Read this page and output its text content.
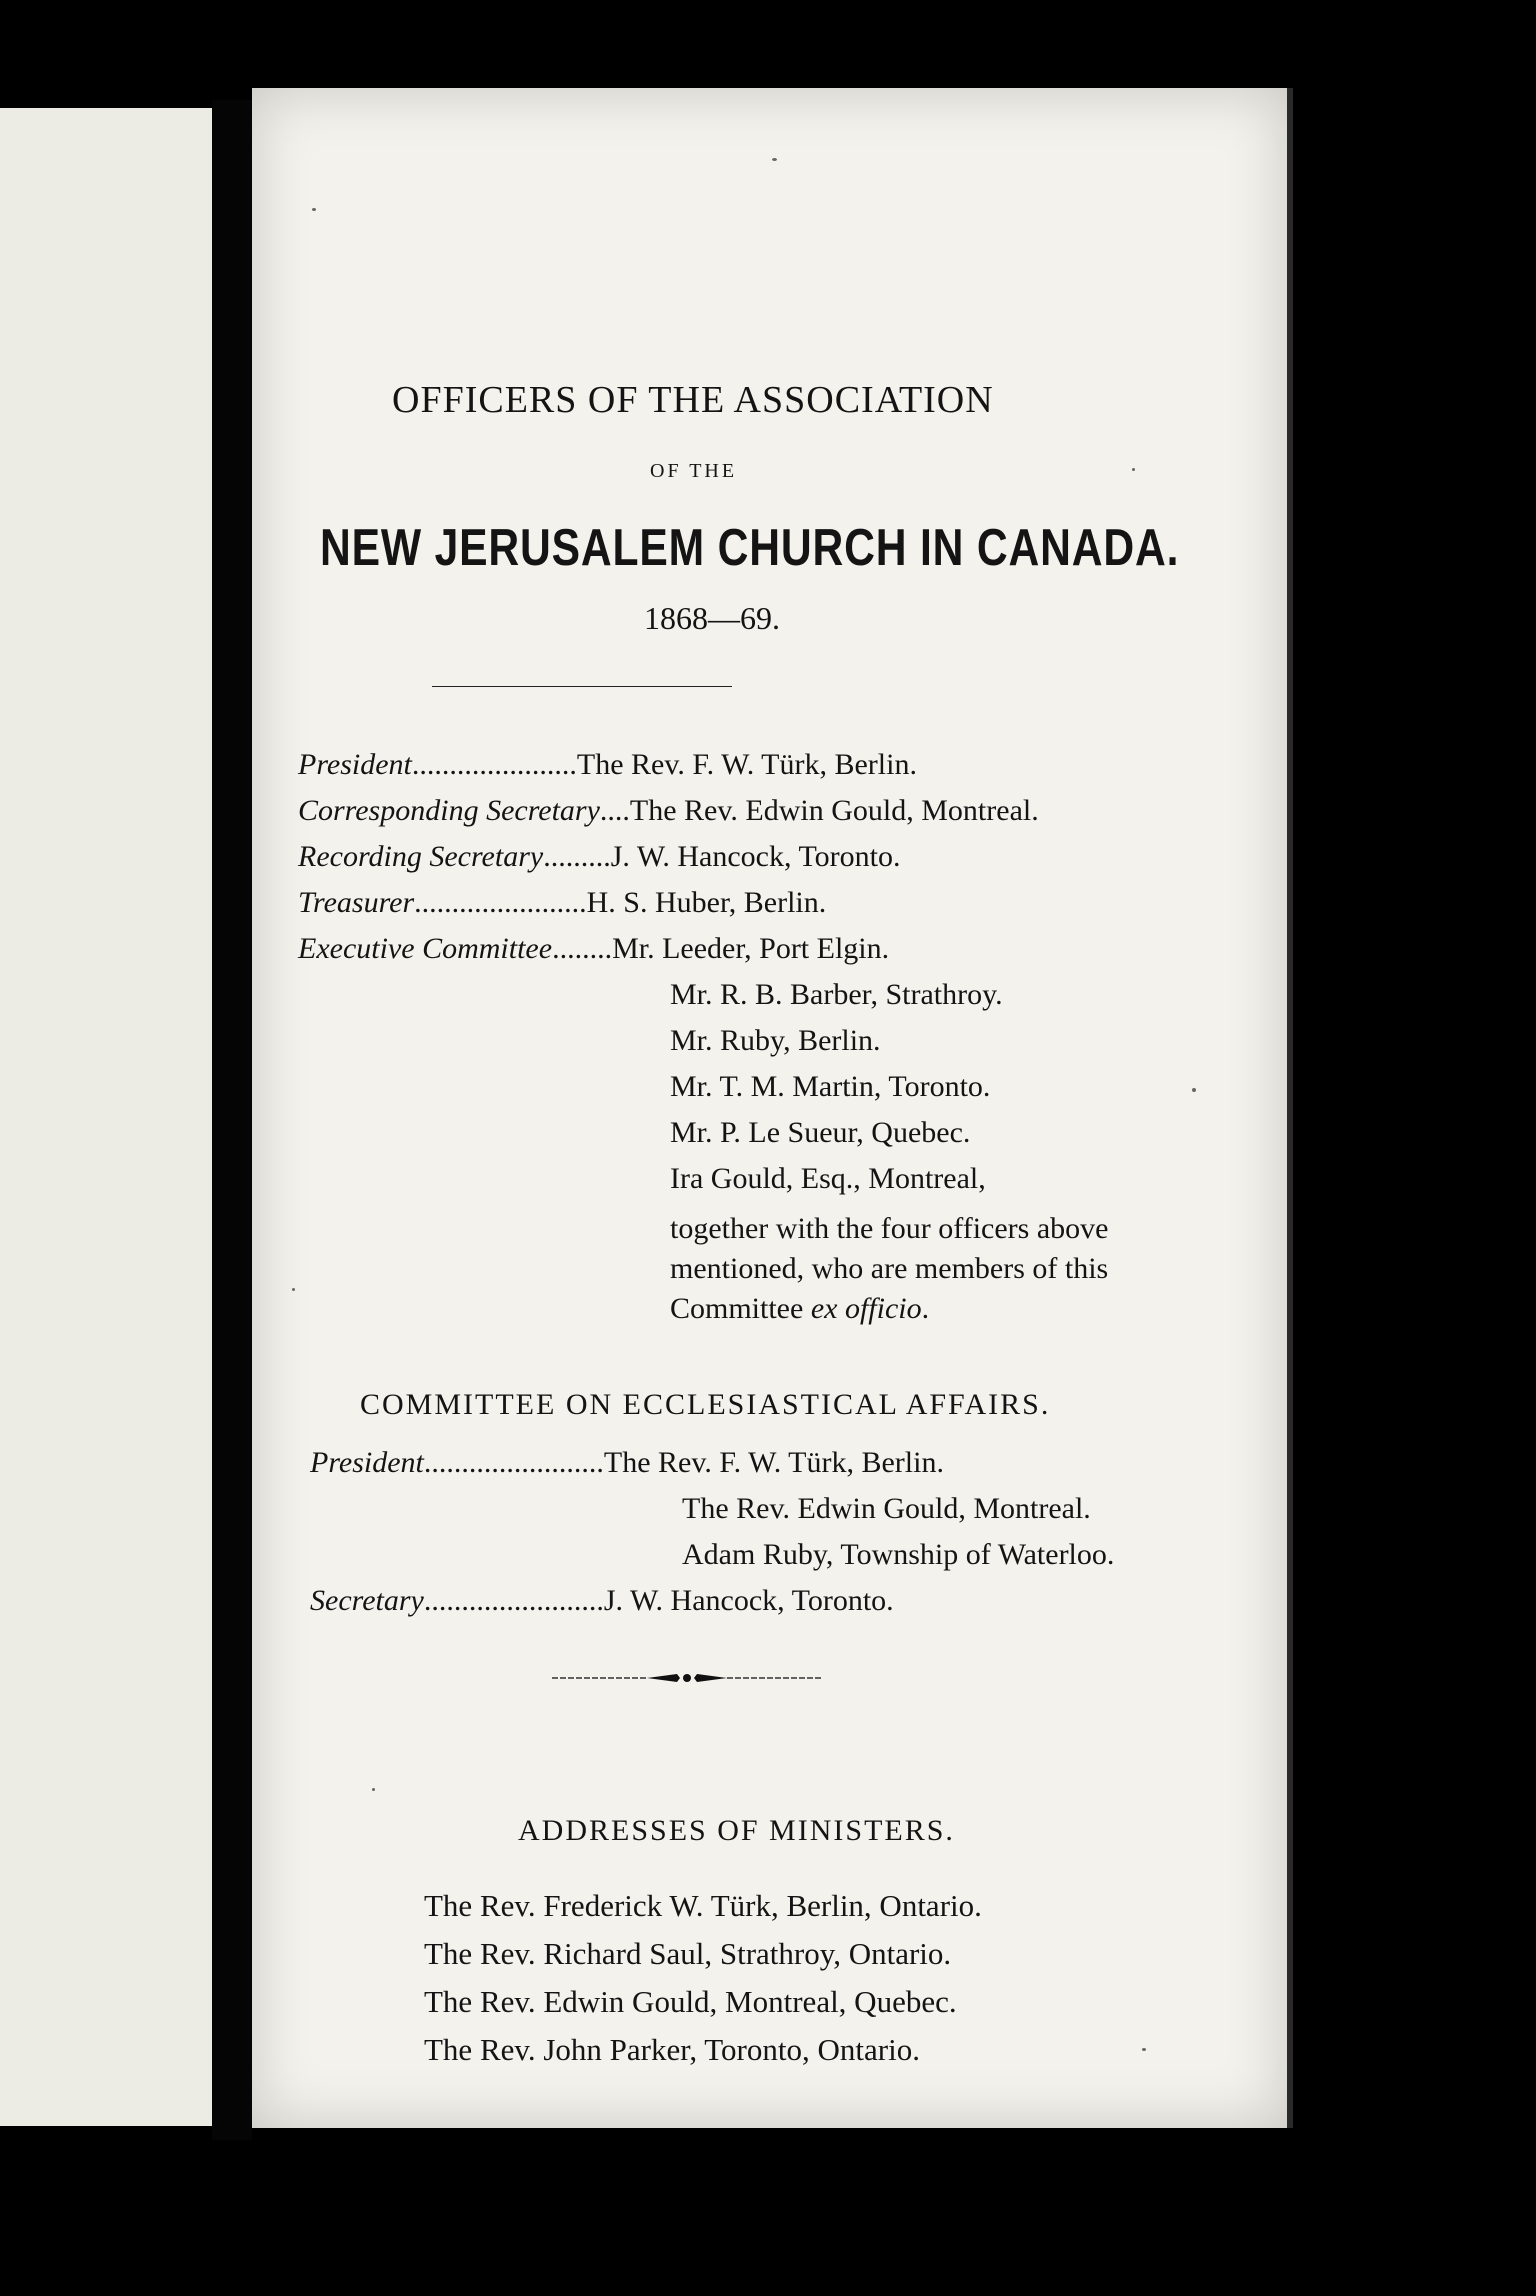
OFFICERS OF THE ASSOCIATION
OF THE
NEW JERUSALEM CHURCH IN CANADA.
1868—69.
President......................The Rev. F. W. Türk, Berlin.
Corresponding Secretary....The Rev. Edwin Gould, Montreal.
Recording Secretary.........J. W. Hancock, Toronto.
Treasurer.......................H. S. Huber, Berlin.
Executive Committee........Mr. Leeder, Port Elgin.
Mr. R. B. Barber, Strathroy.
Mr. Ruby, Berlin.
Mr. T. M. Martin, Toronto.
Mr. P. Le Sueur, Quebec.
Ira Gould, Esq., Montreal,
together with the four officers above
mentioned, who are members of this
Committee ex officio.
COMMITTEE ON ECCLESIASTICAL AFFAIRS.
President........................The Rev. F. W. Türk, Berlin.
The Rev. Edwin Gould, Montreal.
Adam Ruby, Township of Waterloo.
Secretary........................J. W. Hancock, Toronto.
ADDRESSES OF MINISTERS.
The Rev. Frederick W. Türk, Berlin, Ontario.
The Rev. Richard Saul, Strathroy, Ontario.
The Rev. Edwin Gould, Montreal, Quebec.
The Rev. John Parker, Toronto, Ontario.
